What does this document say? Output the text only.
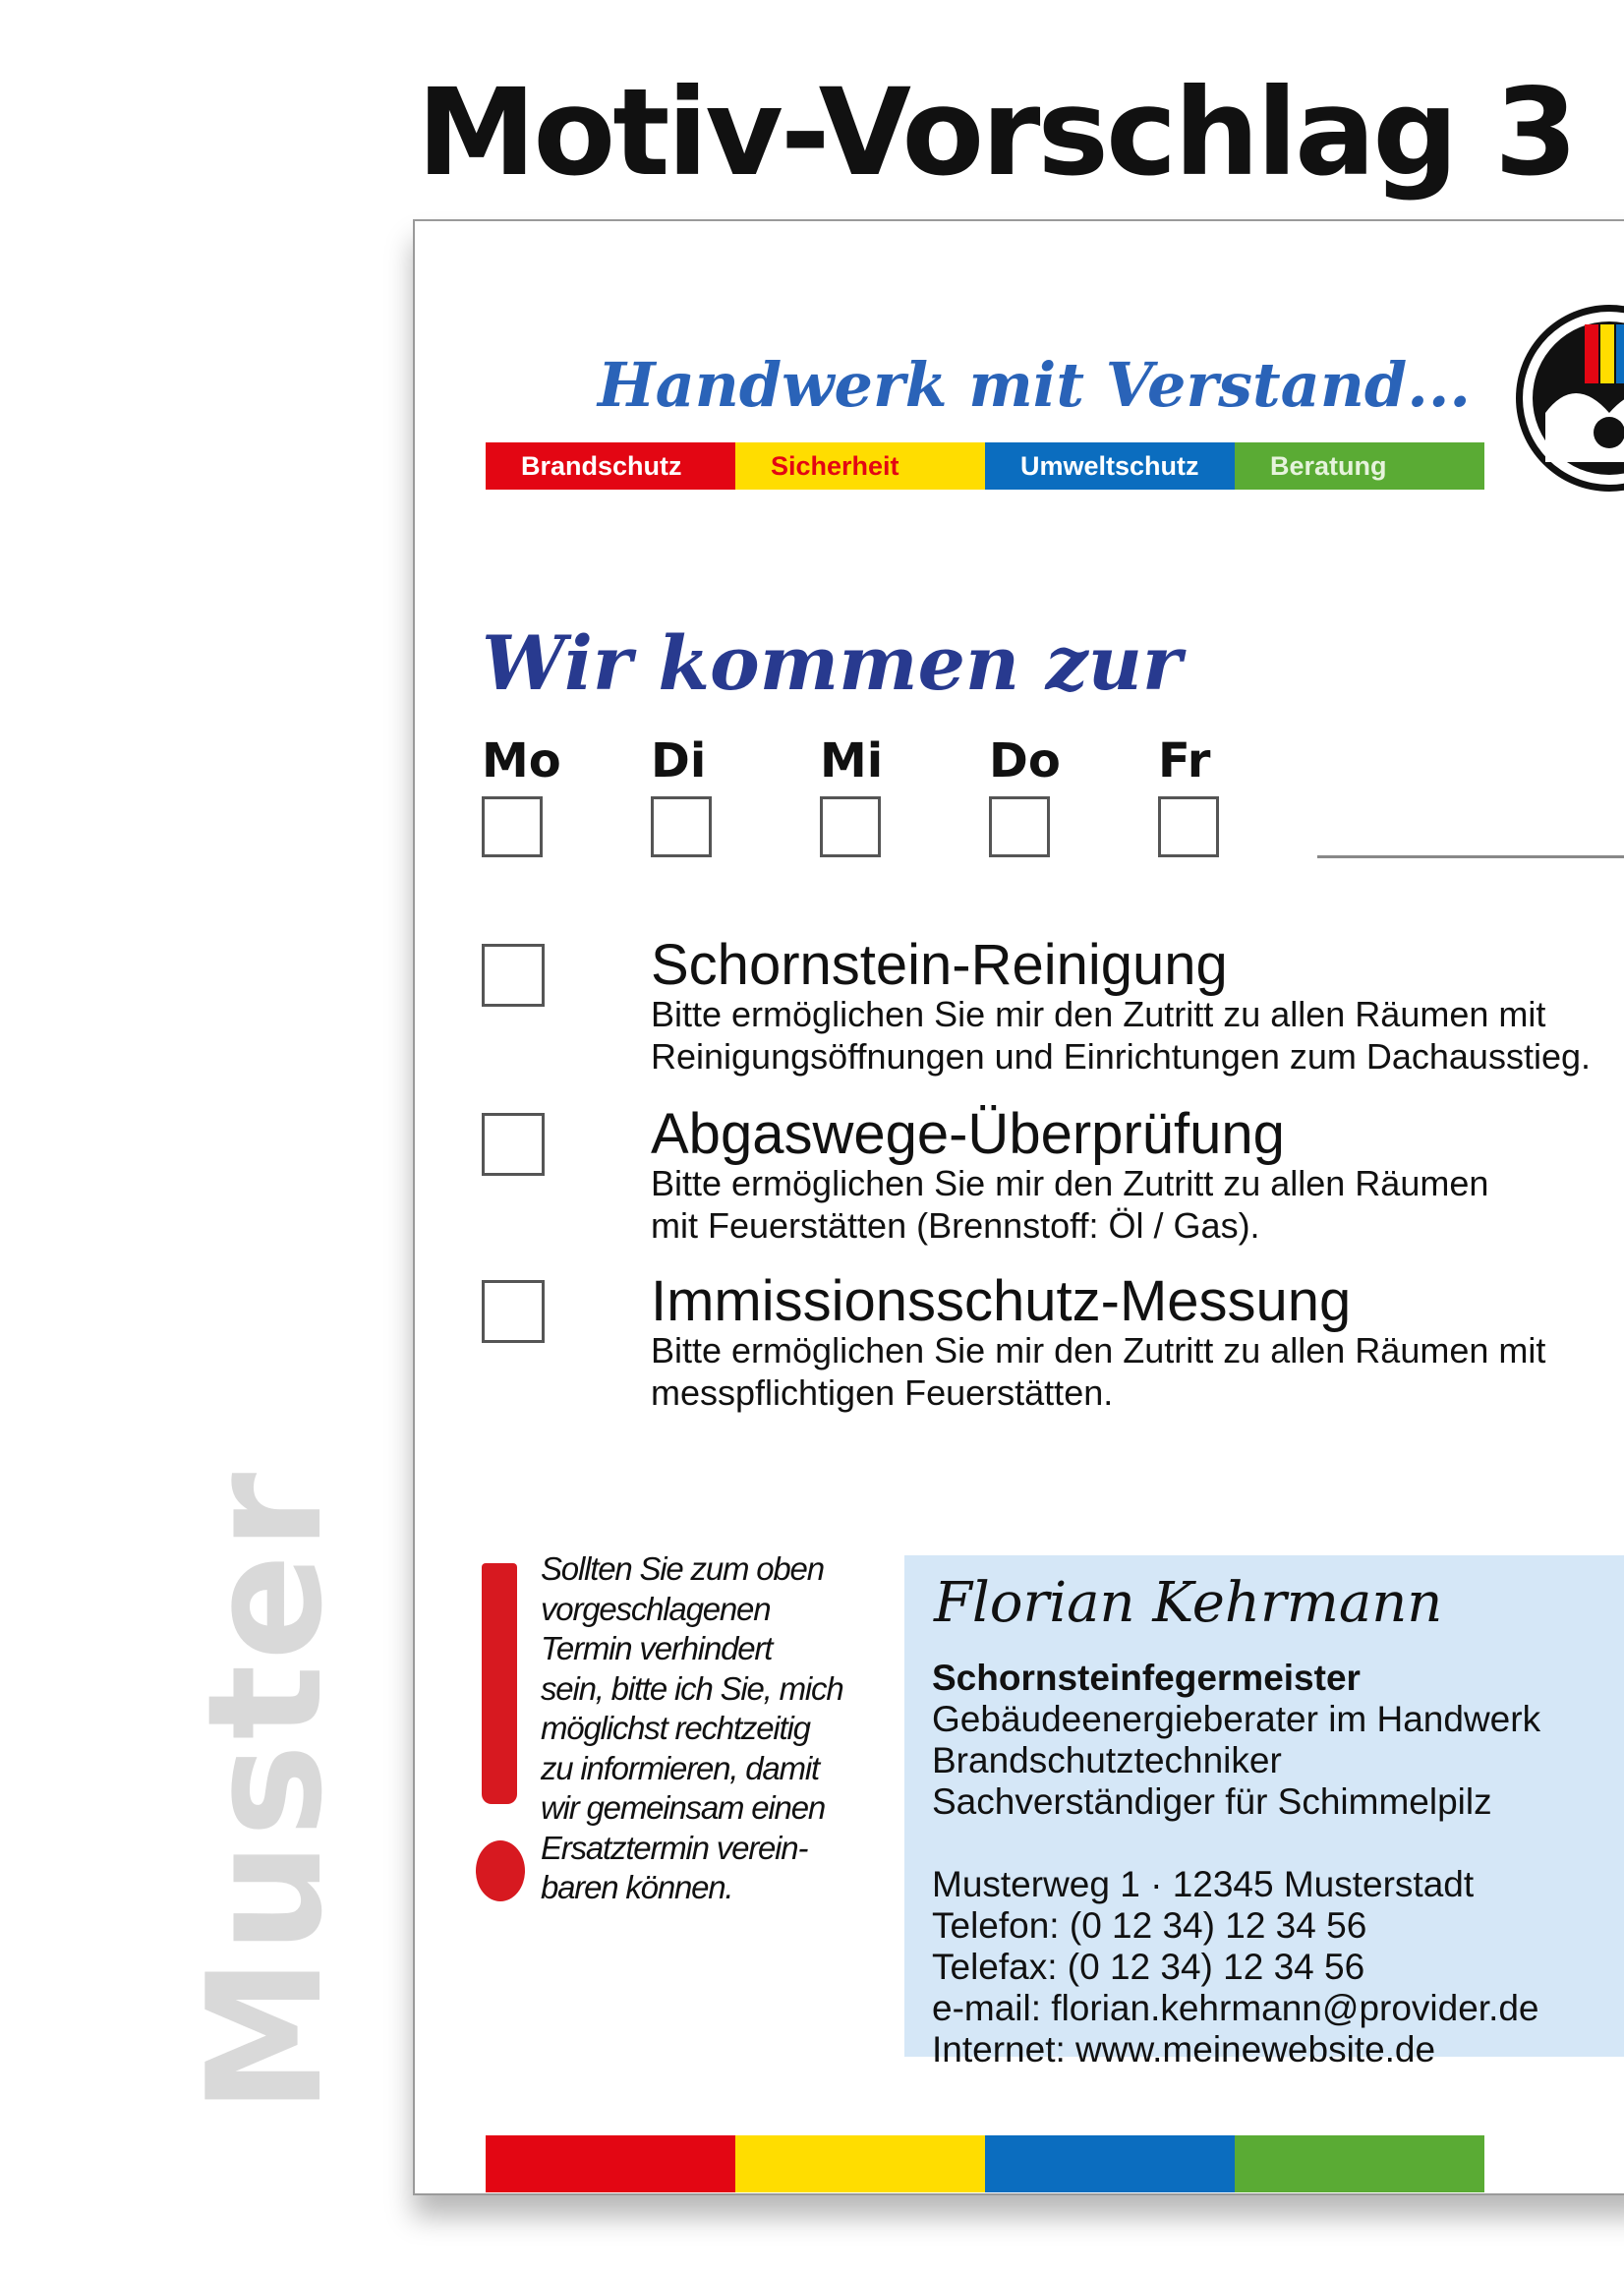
Muster
Motiv-Vorschlag 3
Handwerk mit Verstand...
Brandschutz	Sicherheit	Umweltschutz	Beratung
Wir kommen zur
Mo	Di	Mi	Do	Fr
Schornstein-Reinigung
Bitte ermöglichen Sie mir den Zutritt zu allen Räumen mit
Reinigungsöffnungen und Einrichtungen zum Dachausstieg.
Abgaswege-Überprüfung
Bitte ermöglichen Sie mir den Zutritt zu allen Räumen
mit Feuerstätten (Brennstoff: Öl / Gas).
Immissionsschutz-Messung
Bitte ermöglichen Sie mir den Zutritt zu allen Räumen mit
messpflichtigen Feuerstätten.
Sollten Sie zum oben
vorgeschlagenen
Termin verhindert
sein, bitte ich Sie, mich
möglichst rechtzeitig
zu informieren, damit
wir gemeinsam einen
Ersatztermin verein-
baren können.
Florian Kehrmann
Schornsteinfegermeister
Gebäudeenergieberater im Handwerk
Brandschutztechniker
Sachverständiger für Schimmelpilz
Musterweg 1 · 12345 Musterstadt
Telefon: (0 12 34) 12 34 56
Telefax: (0 12 34) 12 34 56
e-mail: florian.kehrmann@provider.de
Internet: www.meinewebsite.de
